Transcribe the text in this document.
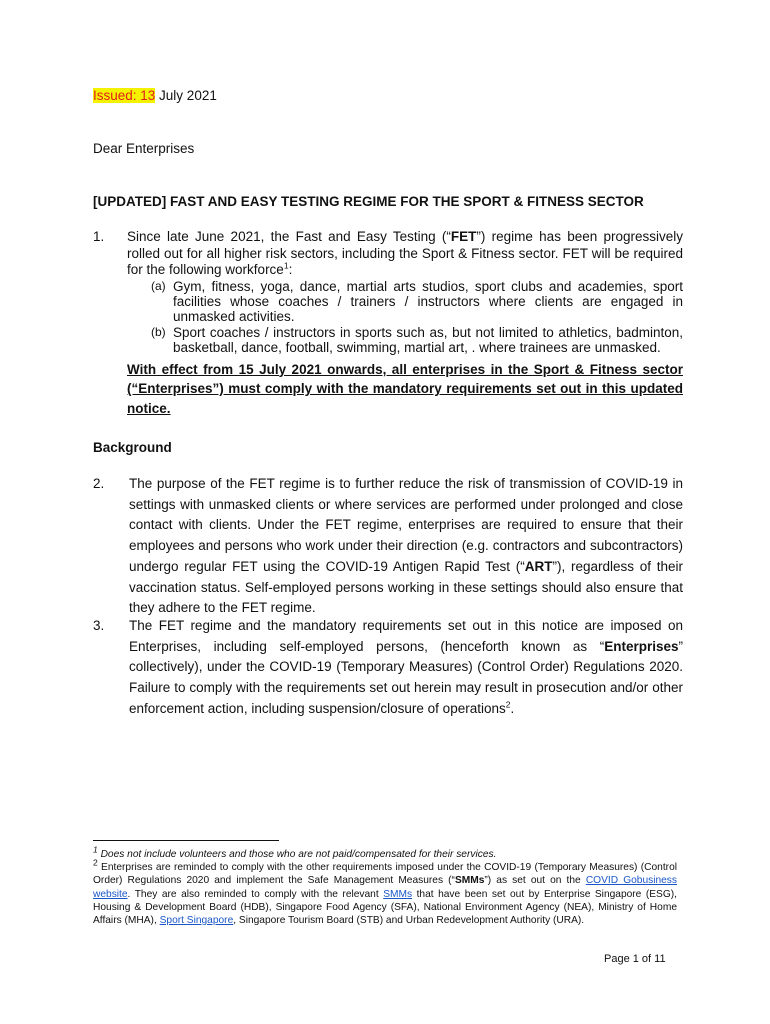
Issued: 13 July 2021
Dear Enterprises
[UPDATED] FAST AND EASY TESTING REGIME FOR THE SPORT & FITNESS SECTOR
1. Since late June 2021, the Fast and Easy Testing (“FET”) regime has been progressively rolled out for all higher risk sectors, including the Sport & Fitness sector. FET will be required for the following workforce$^1$:
(a) Gym, fitness, yoga, dance, martial arts studios, sport clubs and academies, sport facilities whose coaches / trainers / instructors where clients are engaged in unmasked activities.
(b) Sport coaches / instructors in sports such as, but not limited to athletics, badminton, basketball, dance, football, swimming, martial art, . where trainees are unmasked.
With effect from 15 July 2021 onwards, all enterprises in the Sport & Fitness sector (“Enterprises”) must comply with the mandatory requirements set out in this updated notice.
Background
2. The purpose of the FET regime is to further reduce the risk of transmission of COVID-19 in settings with unmasked clients or where services are performed under prolonged and close contact with clients. Under the FET regime, enterprises are required to ensure that their employees and persons who work under their direction (e.g. contractors and subcontractors) undergo regular FET using the COVID-19 Antigen Rapid Test (“ART”), regardless of their vaccination status. Self-employed persons working in these settings should also ensure that they adhere to the FET regime.
3. The FET regime and the mandatory requirements set out in this notice are imposed on Enterprises, including self-employed persons, (henceforth known as “Enterprises” collectively), under the COVID-19 (Temporary Measures) (Control Order) Regulations 2020. Failure to comply with the requirements set out herein may result in prosecution and/or other enforcement action, including suspension/closure of operations$^2$.
$^1$ Does not include volunteers and those who are not paid/compensated for their services.
$^2$ Enterprises are reminded to comply with the other requirements imposed under the COVID-19 (Temporary Measures) (Control Order) Regulations 2020 and implement the Safe Management Measures (“SMMs”) as set out on the COVID Gobusiness website. They are also reminded to comply with the relevant SMMs that have been set out by Enterprise Singapore (ESG), Housing & Development Board (HDB), Singapore Food Agency (SFA), National Environment Agency (NEA), Ministry of Home Affairs (MHA), Sport Singapore, Singapore Tourism Board (STB) and Urban Redevelopment Authority (URA).
Page 1 of 11
